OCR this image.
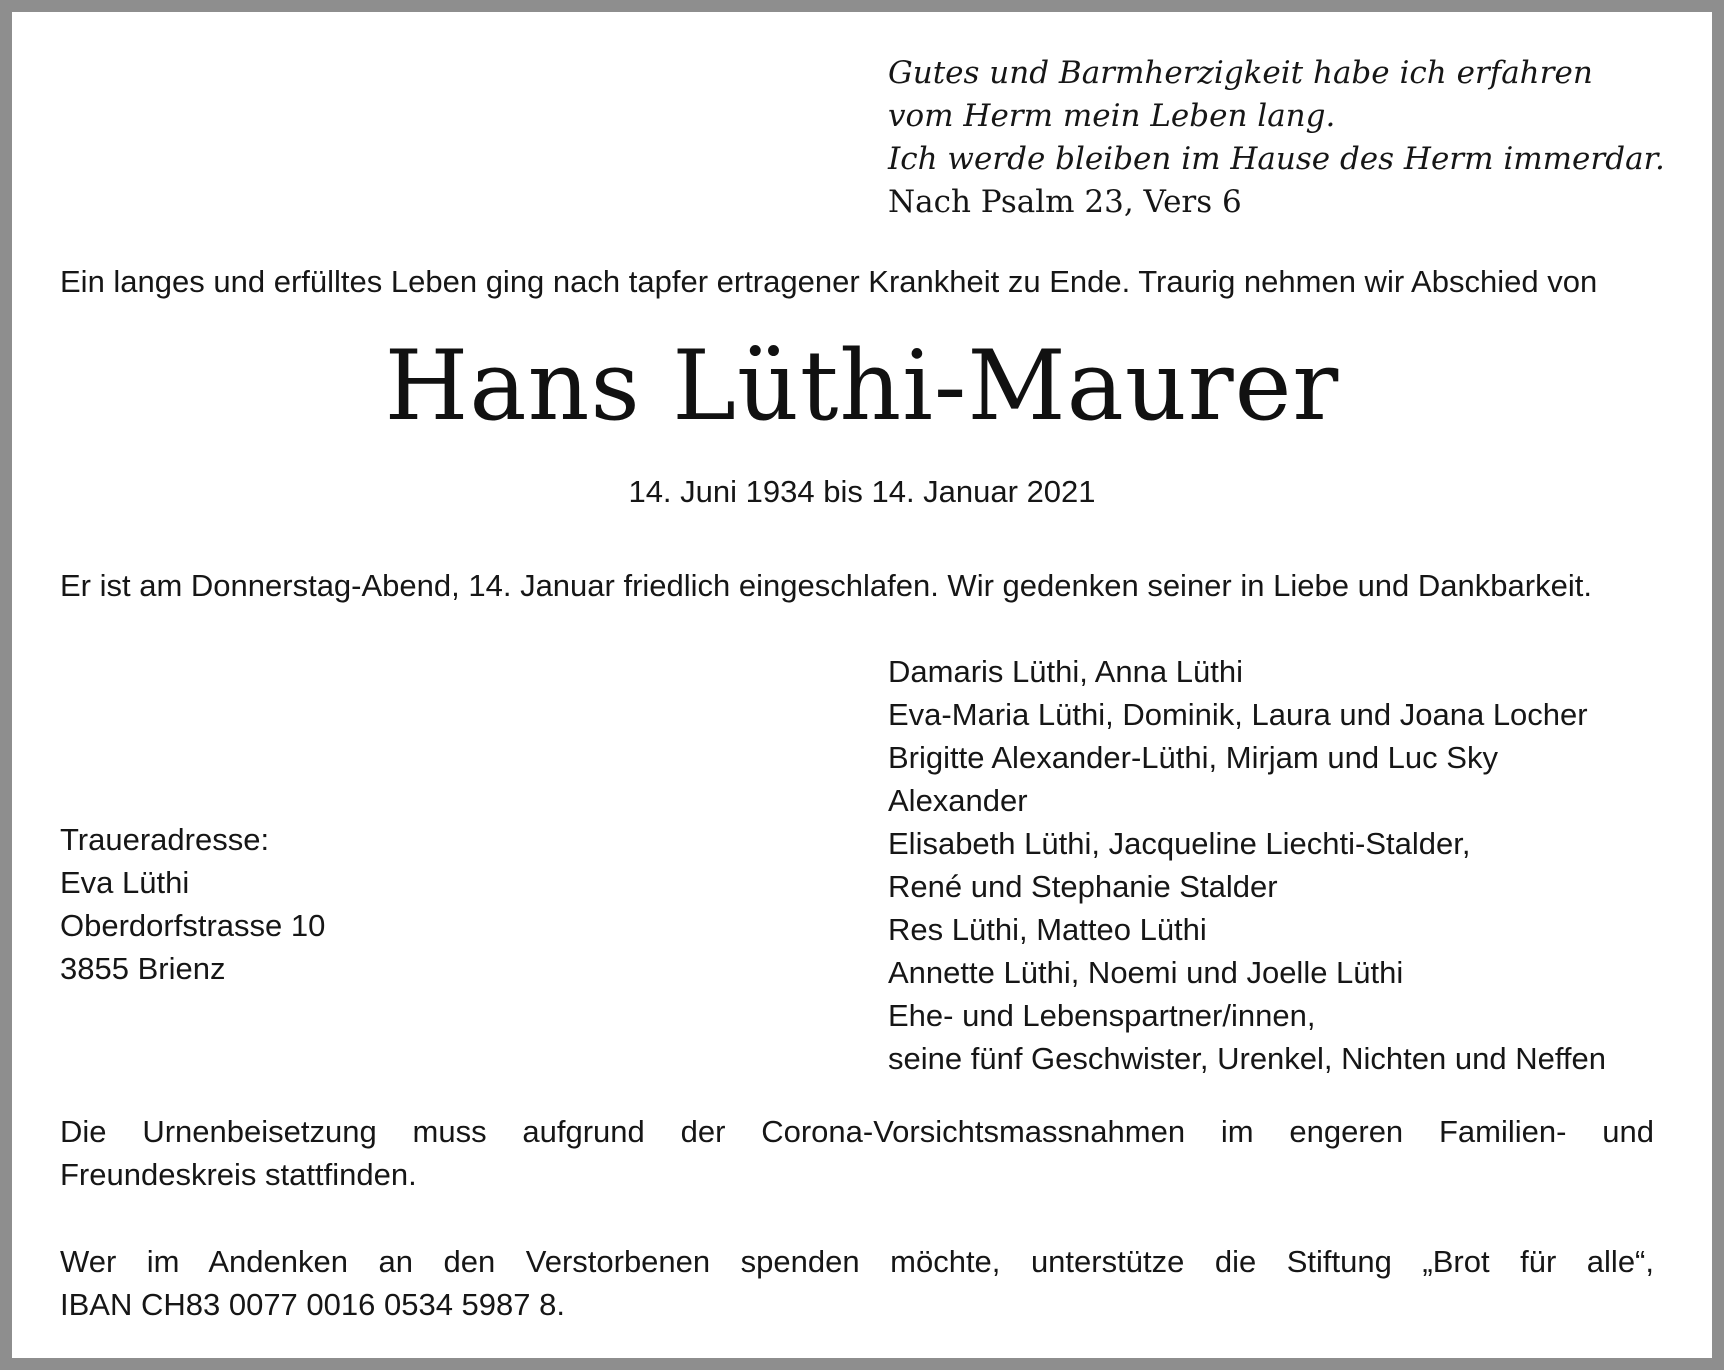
Gutes und Barmherzigkeit habe ich erfahren
vom Herm mein Leben lang.
Ich werde bleiben im Hause des Herm immerdar.
Nach Psalm 23, Vers 6
Ein langes und erfülltes Leben ging nach tapfer ertragener Krankheit zu Ende. Traurig nehmen wir Abschied von
Hans Lüthi-Maurer
14. Juni 1934 bis 14. Januar 2021
Er ist am Donnerstag-Abend, 14. Januar friedlich eingeschlafen. Wir gedenken seiner in Liebe und Dankbarkeit.
Traueradresse:
Eva Lüthi
Oberdorfstrasse 10
3855 Brienz
Damaris Lüthi, Anna Lüthi
Eva-Maria Lüthi, Dominik, Laura und Joana Locher
Brigitte Alexander-Lüthi, Mirjam und Luc Sky
Alexander
Elisabeth Lüthi, Jacqueline Liechti-Stalder,
René und Stephanie Stalder
Res Lüthi, Matteo Lüthi
Annette Lüthi, Noemi und Joelle Lüthi
Ehe- und Lebenspartner/innen,
seine fünf Geschwister, Urenkel, Nichten und Neffen
Die Urnenbeisetzung muss aufgrund der Corona-Vorsichtsmassnahmen im engeren Familien- und
Freundeskreis stattfinden.
Wer im Andenken an den Verstorbenen spenden möchte, unterstütze die Stiftung „Brot für alle“,
IBAN CH83 0077 0016 0534 5987 8.
